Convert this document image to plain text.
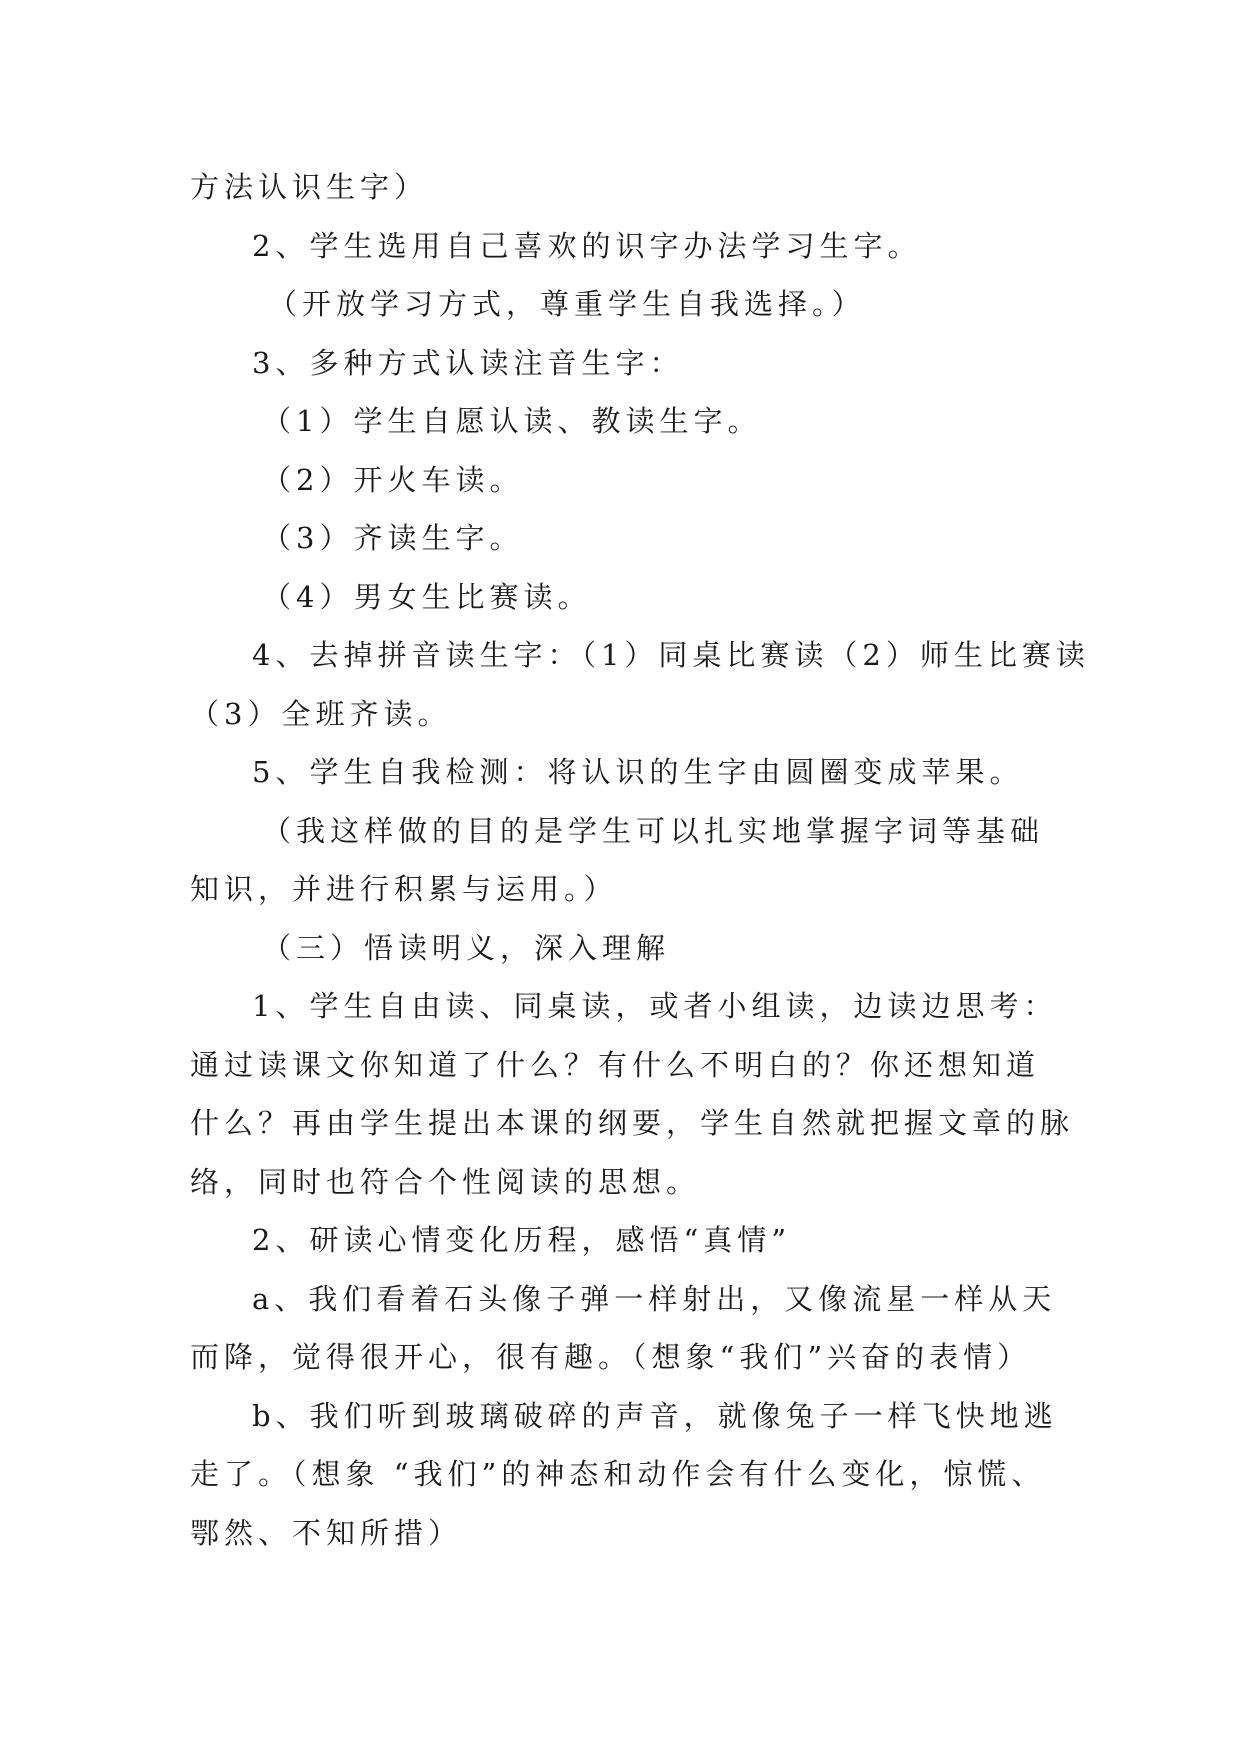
方法认识生字）

2、学生选用自己喜欢的识字办法学习生字。

（开放学习方式，尊重学生自我选择。）

3、多种方式认读注音生字：

（1）学生自愿认读、教读生字。

（2）开火车读。

（3）齐读生字。

（4）男女生比赛读。

4、去掉拼音读生字：（1）同桌比赛读（2）师生比赛读

（3）全班齐读。

5、学生自我检测：将认识的生字由圆圈变成苹果。

（我这样做的目的是学生可以扎实地掌握字词等基础

知识，并进行积累与运用。）

（三）悟读明义，深入理解

1、学生自由读、同桌读，或者小组读，边读边思考：

通过读课文你知道了什么？有什么不明白的？你还想知道

什么？再由学生提出本课的纲要，学生自然就把握文章的脉

络，同时也符合个性阅读的思想。

2、研读心情变化历程，感悟“真情”

a、我们看着石头像子弹一样射出，又像流星一样从天

而降，觉得很开心，很有趣。（想象“我们”兴奋的表情）

b、我们听到玻璃破碎的声音，就像兔子一样飞快地逃

走了。（想象 “我们”的神态和动作会有什么变化，惊慌、

鄂然、不知所措）
